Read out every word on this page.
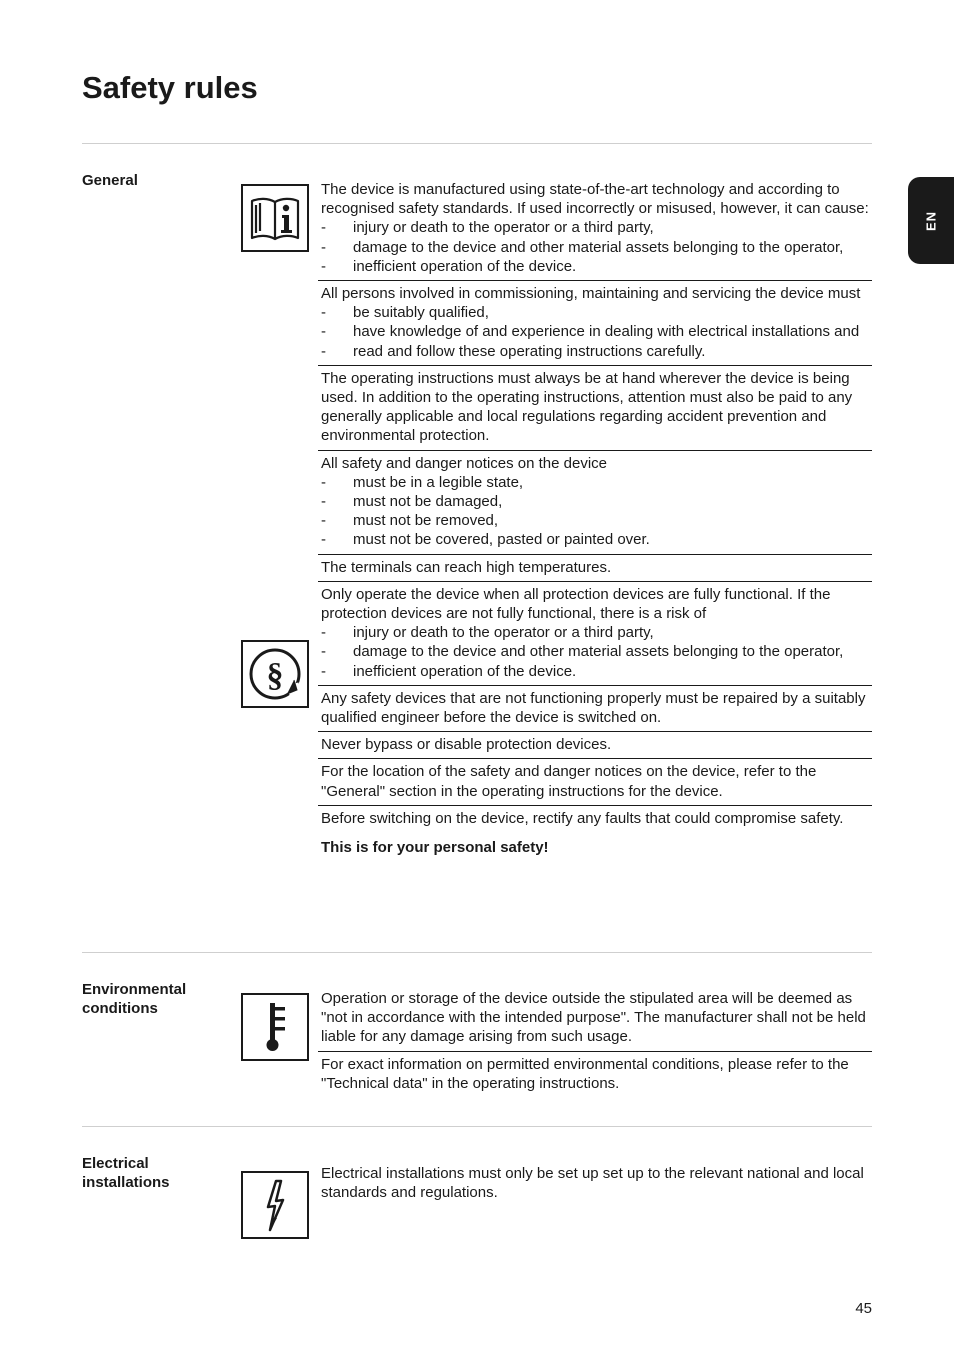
Safety rules
EN
General
§

The device is manufactured using state-of-the-art technology and according to recognised safety standards. If used incorrectly or misused, however, it can cause:

- injury or death to the operator or a third party,
- damage to the device and other material assets belonging to the operator,
- inefficient operation of the device.

All persons involved in commissioning, maintaining and servicing the device must

- be suitably qualified,
- have knowledge of and experience in dealing with electrical installations and
- read and follow these operating instructions carefully.

The operating instructions must always be at hand wherever the device is being used. In addition to the operating instructions, attention must also be paid to any generally applicable and local regulations regarding accident prevention and environmental protection.

All safety and danger notices on the device

- must be in a legible state,
- must not be damaged,
- must not be removed,
- must not be covered, pasted or painted over.

The terminals can reach high temperatures.

Only operate the device when all protection devices are fully functional. If the protection devices are not fully functional, there is a risk of

- injury or death to the operator or a third party,
- damage to the device and other material assets belonging to the operator,
- inefficient operation of the device.

Any safety devices that are not functioning properly must be repaired by a suitably qualified engineer before the device is switched on.

Never bypass or disable protection devices.

For the location of the safety and danger notices on the device, refer to the "General" section in the operating instructions for the device.

Before switching on the device, rectify any faults that could compromise safety.

This is for your personal safety!
Environmental conditions

Operation or storage of the device outside the stipulated area will be deemed as "not in accordance with the intended purpose". The manufacturer shall not be held liable for any damage arising from such usage.

For exact information on permitted environmental conditions, please refer to the "Technical data" in the operating instructions.

Electrical installations

Electrical installations must only be set up set up to the relevant national and local standards and regulations.

45
